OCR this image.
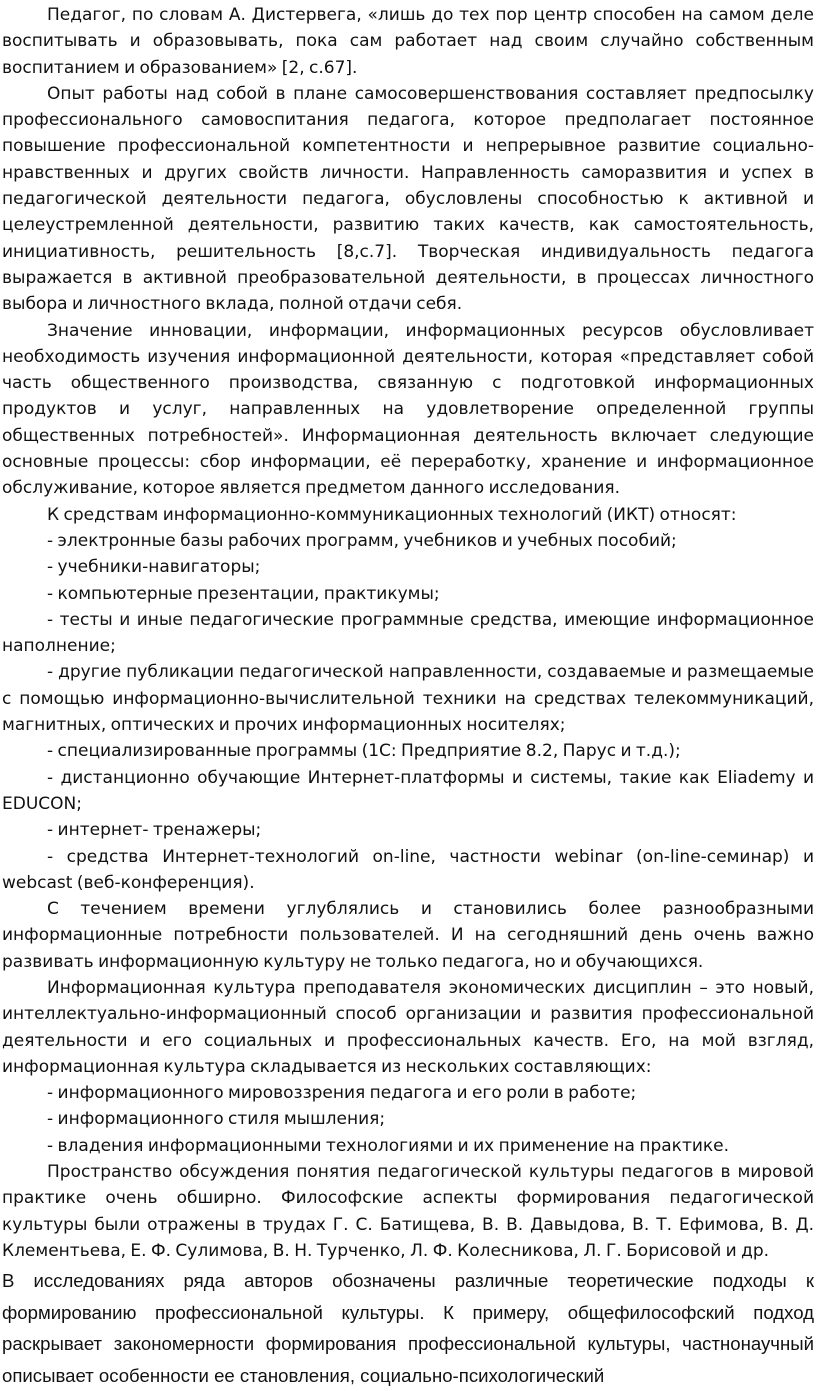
Педагог, по словам А. Дистервега, «лишь до тех пор центр способен на самом деле воспитывать и образовывать, пока сам работает над своим случайно собственным воспитанием и образованием» [2, с.67].

Опыт работы над собой в плане самосовершенствования составляет предпосылку профессионального самовоспитания педагога, которое предполагает постоянное повышение профессиональной компетентности и непрерывное развитие социально-нравственных и других свойств личности. Направленность саморазвития и успех в педагогической деятельности педагога, обусловлены способностью к активной и целеустремленной деятельности, развитию таких качеств, как самостоятельность, инициативность, решительность [8,с.7]. Творческая индивидуальность педагога выражается в активной преобразовательной деятельности, в процессах личностного выбора и личностного вклада, полной отдачи себя.

Значение инновации, информации, информационных ресурсов обусловливает необходимость изучения информационной деятельности, которая «представляет собой часть общественного производства, связанную с подготовкой информационных продуктов и услуг, направленных на удовлетворение определенной группы общественных потребностей». Информационная деятельность включает следующие основные процессы: сбор информации, её переработку, хранение и информационное обслуживание, которое является предметом данного исследования.

К средствам информационно-коммуникационных технологий (ИКТ) относят:

- электронные базы рабочих программ, учебников и учебных пособий;

- учебники-навигаторы;

- компьютерные презентации, практикумы;

- тесты и иные педагогические программные средства, имеющие информационное наполнение;

- другие публикации педагогической направленности, создаваемые и размещаемые с помощью информационно-вычислительной техники на средствах телекоммуникаций, магнитных, оптических и прочих информационных носителях;

- специализированные программы (1С: Предприятие 8.2, Парус и т.д.);

- дистанционно обучающие Интернет-платформы и системы, такие как Eliademy и EDUCON;

- интернет- тренажеры;

- средства Интернет-технологий on-line, частности webinar (on-line-семинар) и webcast (веб-конференция).

С течением времени углублялись и становились более разнообразными информационные потребности пользователей. И на сегодняшний день очень важно развивать информационную культуру не только педагога, но и обучающихся.

Информационная культура преподавателя экономических дисциплин – это новый, интеллектуально-информационный способ организации и развития профессиональной деятельности и его социальных и профессиональных качеств. Его, на мой взгляд, информационная культура складывается из нескольких составляющих:

- информационного мировоззрения педагога и его роли в работе;

- информационного стиля мышления;

- владения информационными технологиями и их применение на практике.

Пространство обсуждения понятия педагогической культуры педагогов в мировой практике очень обширно. Философские аспекты формирования педагогической культуры были отражены в трудах Г. С. Батищева, В. В. Давыдова, В. Т. Ефимова, В. Д. Клементьева, Е. Ф. Сулимова, В. Н. Турченко, Л. Ф. Колесникова, Л. Г. Борисовой и др.

В исследованиях ряда авторов обозначены различные теоретические подходы к формированию профессиональной культуры. К примеру, общефилософский подход раскрывает закономерности формирования профессиональной культуры, частнонаучный описывает особенности ее становления, социально-психологический
